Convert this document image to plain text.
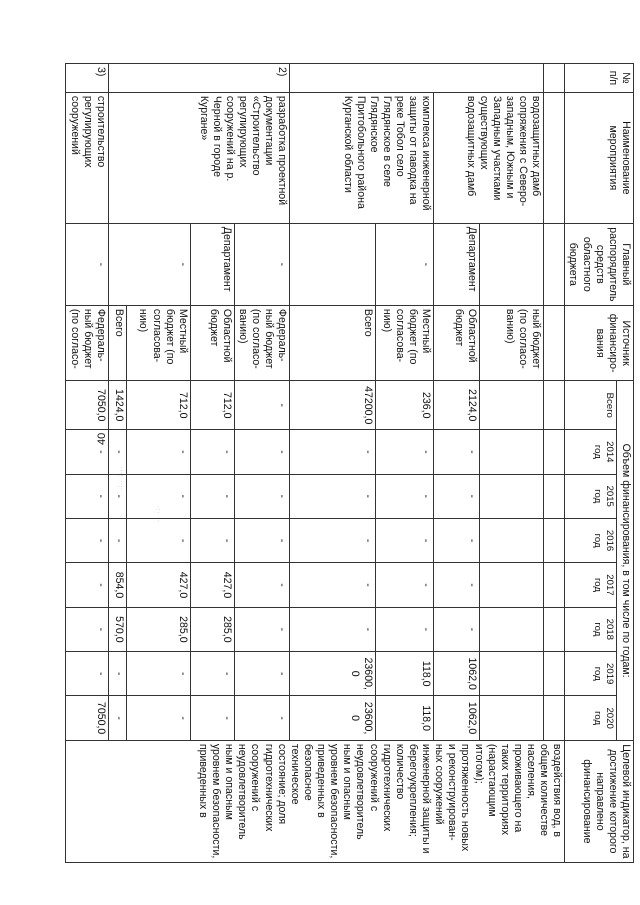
40
.:.. ;...
·. ·:·
№ п/п	Наименование мероприятия	Главный распорядитель средств областного бюджета	Источник финансиро-вания	Объем финансирования, в том числе по годам:								Целевой индикатор, на достижение которого направлено финансирование
				Всего	2014 год	2015 год	2016 год	2017 год	2018 год	2019 год	2020 год	
												воздействия вод, в общем количестве населения, проживающего на таких территориях (нарастающим итогом); протяженность новых и реконструирован-ных сооружений инженерной защиты и берегоукрепления; количество гидротехнических сооружений с неудовлетворитель ным и опасным уровнем безопасности, приведенных в безопасное техническое состояние; доля гидротехнических сооружений с неудовлетворитель ным и опасным уровнем безопасности, приведенных в
	водозащитных дамб сопряжения с Северо-западным, Южным и Западным участками существующих водозащитных дамб		ный бюджет (по согласо-ванию)									
		Департамент	Областной бюджет	2124,0	-	-	-	-	-	1062,0	1062,0	
	комплекса инженерной защиты от паводка на реке Тобол село Глядянское в селе Глядянское Притобольного района Курганской области	-	Местный бюджет (по согласова-нию)	236,0	-	-	-	-	-	118,0	118,0	
			Всего	47200,0	-	-	-	-	-	23600,0	23600,0	
2)	разработка проектной документации «Строительство регулирующих сооружений на р. Черной в городе Кургане»	-	Федераль-ный бюджет (по согласо-ванию)	-	-	-	-	-	-	-	-	
		Департамент	Областной бюджет	712,0	-	-	-	427,0	285,0	-	-	
		-	Местный бюджет (по согласова-нию)	712,0	-	-	-	427,0	285,0	-	-	
			Всего	1424,0	-	-	-	854,0	570,0	-	-	
3)	строительство регулирующих сооружений	-	Федераль-ный бюджет (по согласо-	7050,0	-	-	-	-	-	-	7050,0	
